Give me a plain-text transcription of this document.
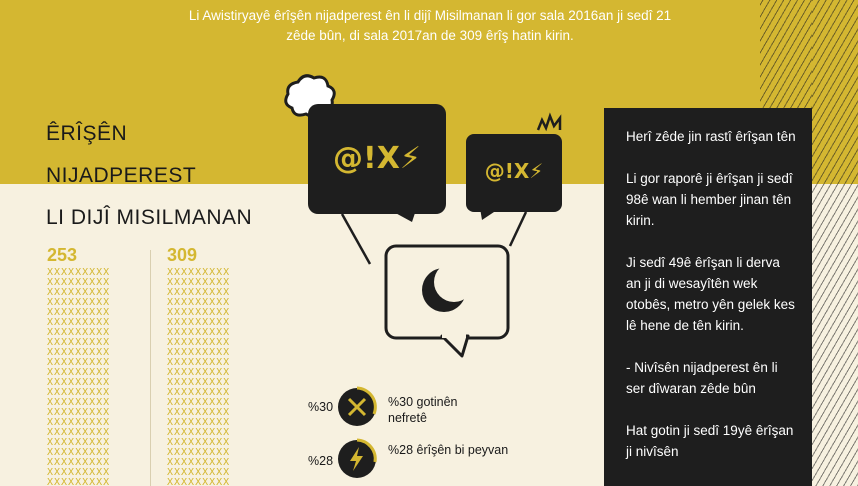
Li Awistiryayê êrîşên nijadperest ên li dijî Misilmanan li gor sala 2016an ji sedî 21
zêde bûn, di sala 2017an de 309 êrîş hatin kirin.
ÊRÎŞÊN
NIJADPEREST
LI DIJÎ MISILMANAN
253	309
XXXXXXXXX
XXXXXXXXX
XXXXXXXXX
XXXXXXXXX
XXXXXXXXX
XXXXXXXXX
XXXXXXXXX
XXXXXXXXX
XXXXXXXXX
XXXXXXXXX
XXXXXXXXX
XXXXXXXXX
XXXXXXXXX
XXXXXXXXX
XXXXXXXXX
XXXXXXXXX
XXXXXXXXX
XXXXXXXXX
XXXXXXXXX
XXXXXXXXX
XXXXXXXXX
XXXXXXXXX

XXXXXXXXX
XXXXXXXXX
XXXXXXXXX
XXXXXXXXX
XXXXXXXXX
XXXXXXXXX
XXXXXXXXX
XXXXXXXXX
XXXXXXXXX
XXXXXXXXX
XXXXXXXXX
XXXXXXXXX
XXXXXXXXX
XXXXXXXXX
XXXXXXXXX
XXXXXXXXX
XXXXXXXXX
XXXXXXXXX
XXXXXXXXX
XXXXXXXXX
XXXXXXXXX
XXXXXXXXX

@!X⚡	@!X⚡
%30	%30 gotinên
nefretê
%28
%28 êrîşên bi peyvan

Herî zêde jin rastî êrîşan tên

Li gor raporê ji êrîşan ji sedî 98ê wan li hember jinan tên kirin.

Ji sedî 49ê êrîşan li derva an ji di wesayîtên wek otobês, metro yên gelek kes lê hene de tên kirin.

- Nivîsên nijadperest ên li ser dîwaran zêde bûn

Hat gotin ji sedî 19yê êrîşan ji nivîsên
